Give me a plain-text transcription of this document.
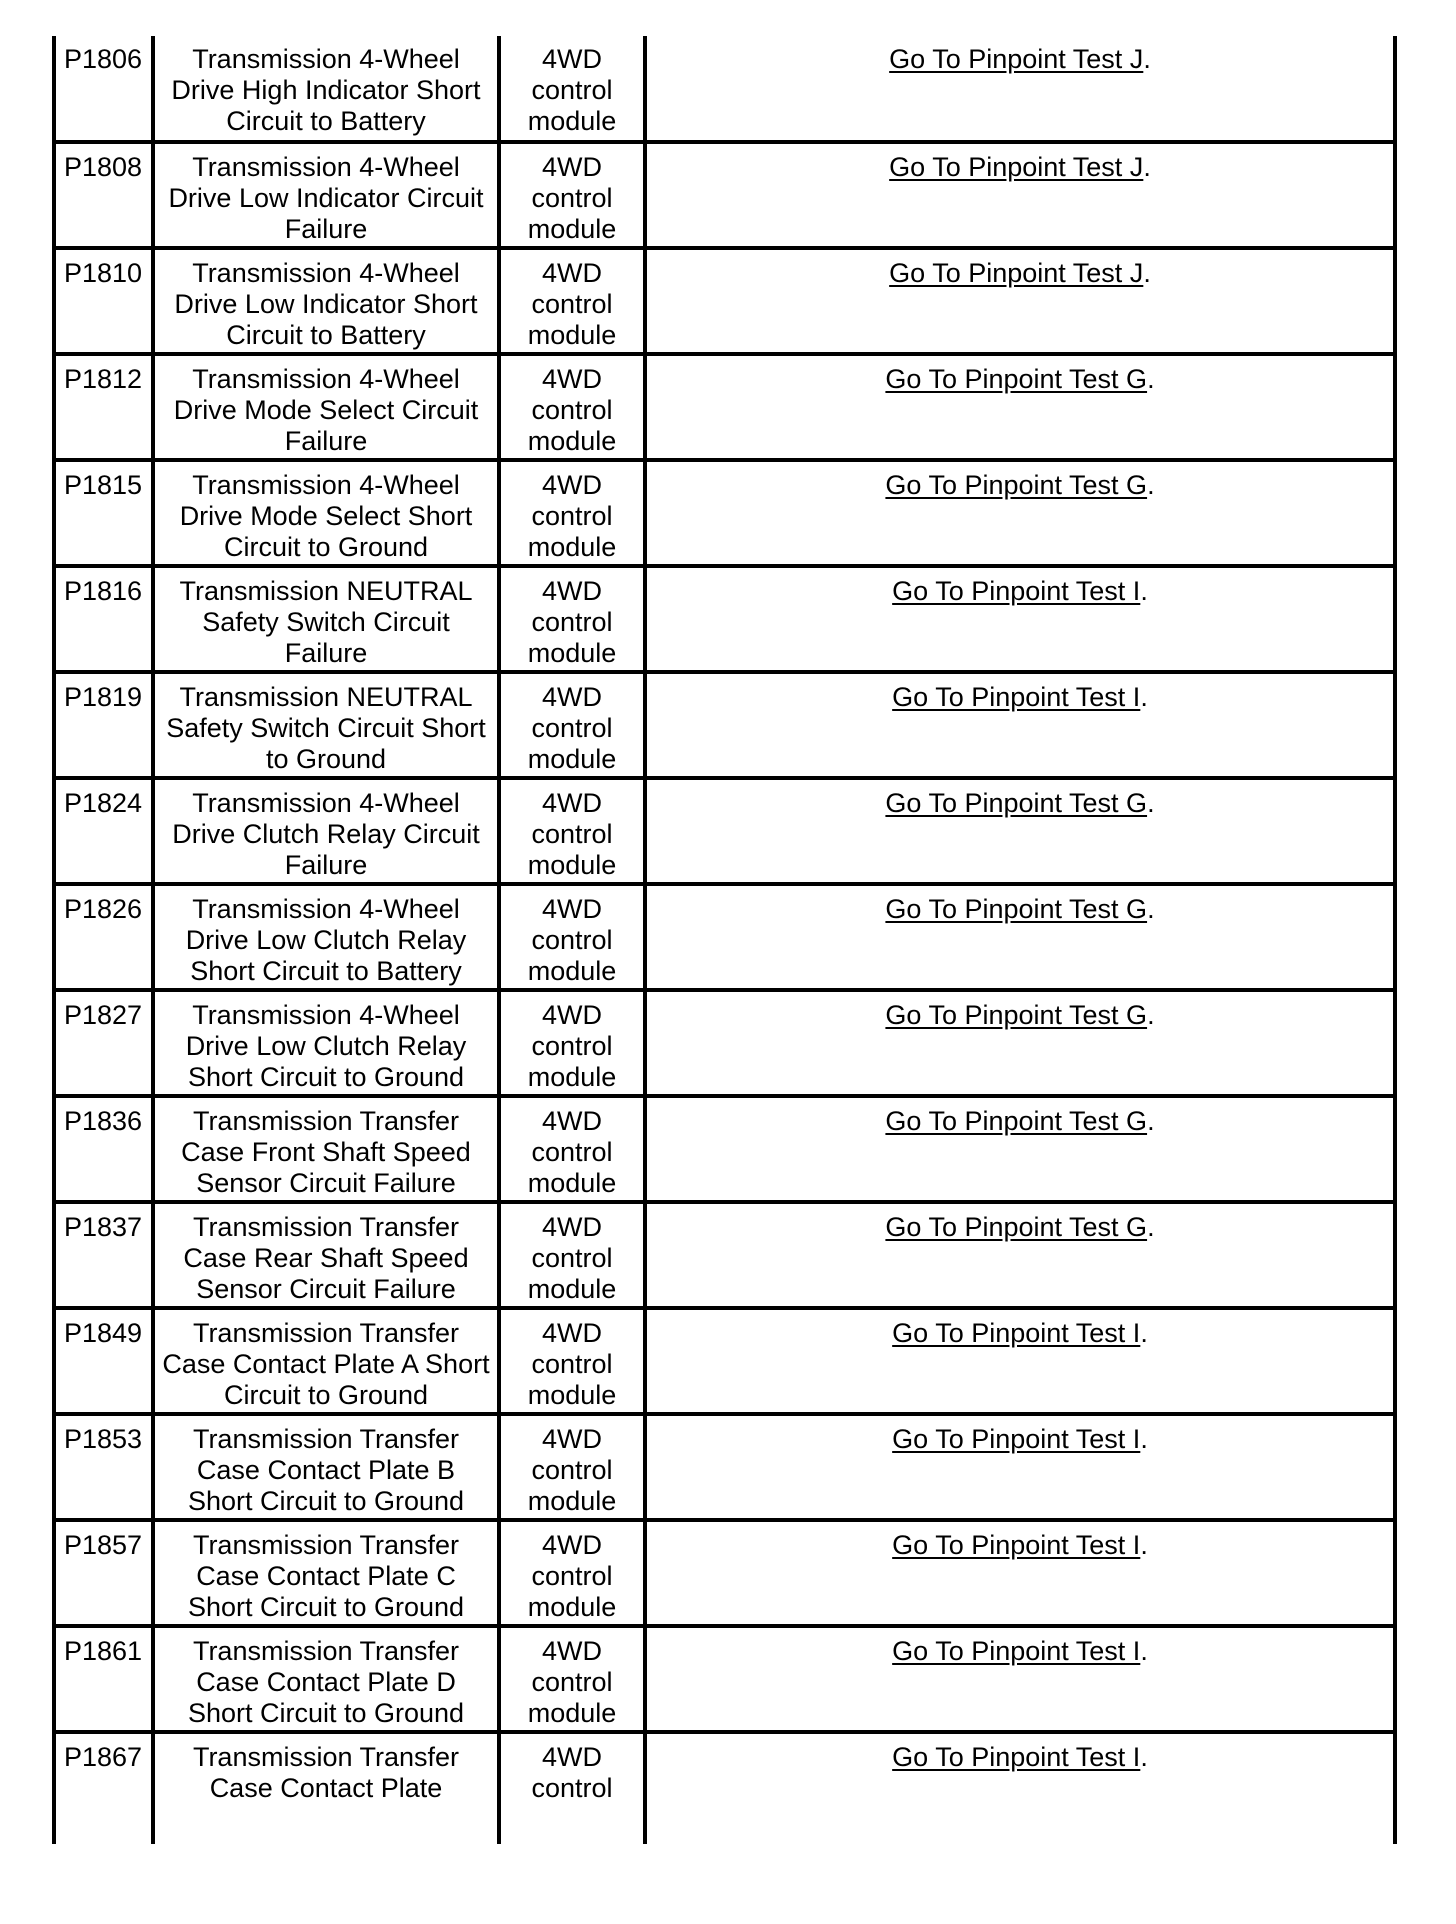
P1806	Transmission 4-Wheel Drive High Indicator Short Circuit to Battery	4WD control module	Go To Pinpoint Test J.
P1808	Transmission 4-Wheel Drive Low Indicator Circuit Failure	4WD control module	Go To Pinpoint Test J.
P1810	Transmission 4-Wheel Drive Low Indicator Short Circuit to Battery	4WD control module	Go To Pinpoint Test J.
P1812	Transmission 4-Wheel Drive Mode Select Circuit Failure	4WD control module	Go To Pinpoint Test G.
P1815	Transmission 4-Wheel Drive Mode Select Short Circuit to Ground	4WD control module	Go To Pinpoint Test G.
P1816	Transmission NEUTRAL Safety Switch Circuit Failure	4WD control module	Go To Pinpoint Test I.
P1819	Transmission NEUTRAL Safety Switch Circuit Short to Ground	4WD control module	Go To Pinpoint Test I.
P1824	Transmission 4-Wheel Drive Clutch Relay Circuit Failure	4WD control module	Go To Pinpoint Test G.
P1826	Transmission 4-Wheel Drive Low Clutch Relay Short Circuit to Battery	4WD control module	Go To Pinpoint Test G.
P1827	Transmission 4-Wheel Drive Low Clutch Relay Short Circuit to Ground	4WD control module	Go To Pinpoint Test G.
P1836	Transmission Transfer Case Front Shaft Speed Sensor Circuit Failure	4WD control module	Go To Pinpoint Test G.
P1837	Transmission Transfer Case Rear Shaft Speed Sensor Circuit Failure	4WD control module	Go To Pinpoint Test G.
P1849	Transmission Transfer Case Contact Plate A Short Circuit to Ground	4WD control module	Go To Pinpoint Test I.
P1853	Transmission Transfer Case Contact Plate B Short Circuit to Ground	4WD control module	Go To Pinpoint Test I.
P1857	Transmission Transfer Case Contact Plate C Short Circuit to Ground	4WD control module	Go To Pinpoint Test I.
P1861	Transmission Transfer Case Contact Plate D Short Circuit to Ground	4WD control module	Go To Pinpoint Test I.
P1867	Transmission Transfer Case Contact Plate	4WD control	Go To Pinpoint Test I.
